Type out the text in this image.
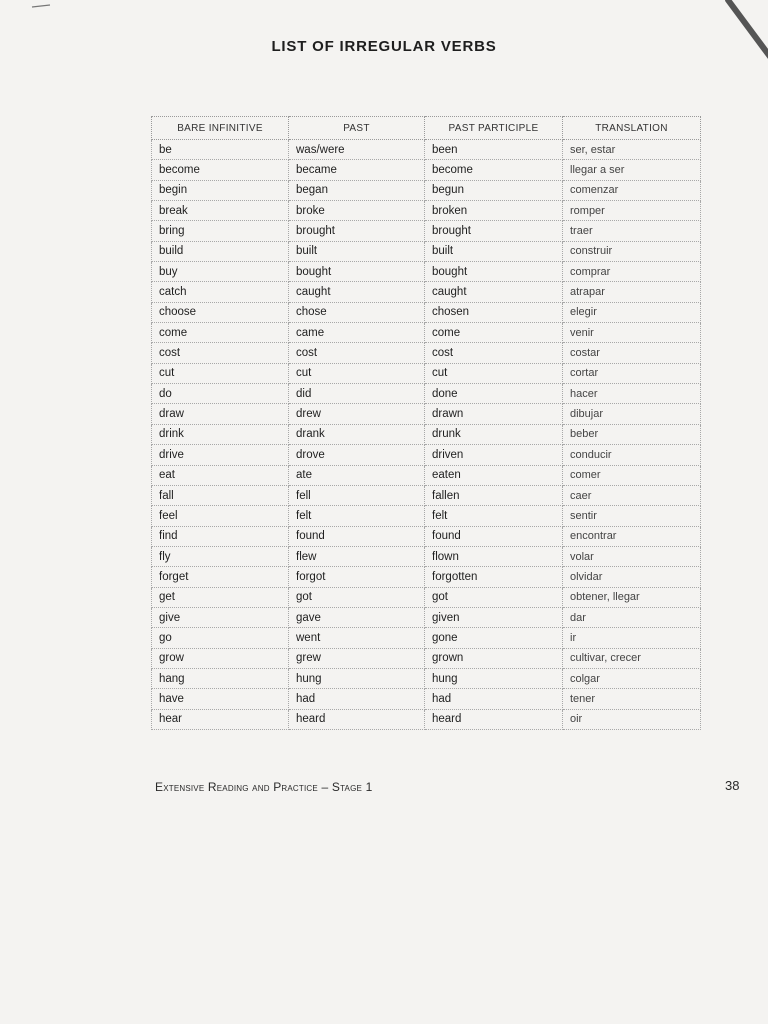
LIST OF IRREGULAR VERBS
BARE INFINITIVE	PAST	PAST PARTICIPLE	TRANSLATION
be	was/were	been	ser, estar
become	became	become	llegar a ser
begin	began	begun	comenzar
break	broke	broken	romper
bring	brought	brought	traer
build	built	built	construir
buy	bought	bought	comprar
catch	caught	caught	atrapar
choose	chose	chosen	elegir
come	came	come	venir
cost	cost	cost	costar
cut	cut	cut	cortar
do	did	done	hacer
draw	drew	drawn	dibujar
drink	drank	drunk	beber
drive	drove	driven	conducir
eat	ate	eaten	comer
fall	fell	fallen	caer
feel	felt	felt	sentir
find	found	found	encontrar
fly	flew	flown	volar
forget	forgot	forgotten	olvidar
get	got	got	obtener, llegar
give	gave	given	dar
go	went	gone	ir
grow	grew	grown	cultivar, crecer
hang	hung	hung	colgar
have	had	had	tener
hear	heard	heard	oir
Extensive Reading and Practice – Stage 1	38
